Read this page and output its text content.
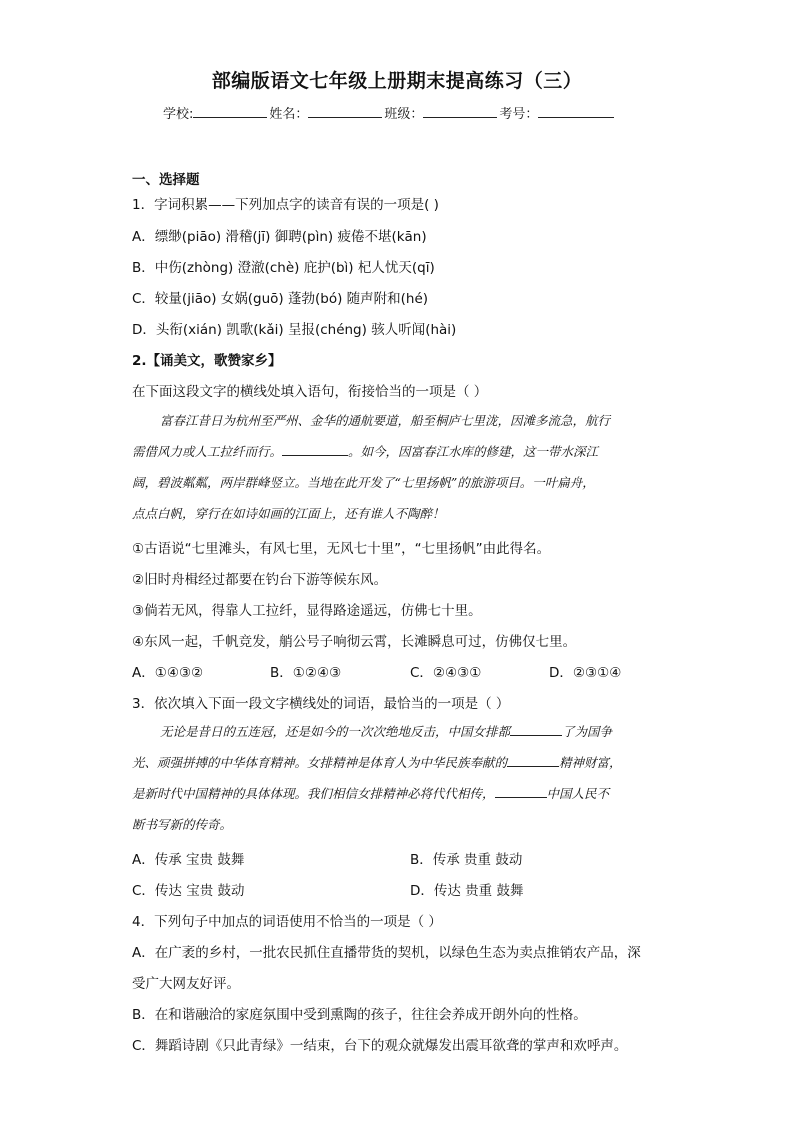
部编版语文七年级上册期末提高练习（三）
学校:	姓名：	班级：	考号：
一、选择题
1．字词积累——下列加点字的读音有误的一项是( )
A．缥缈(piāo) 滑稽(jī) 御聘(pìn) 疲倦不堪(kān)
B．中伤(zhòng) 澄澈(chè) 庇护(bì) 杞人忧天(qī)
C．较量(jiāo) 女娲(guō) 蓬勃(bó) 随声附和(hé)
D．头衔(xián) 凯歌(kǎi) 呈报(chéng) 骇人听闻(hài)
2.【诵美文，歌赞家乡】
在下面这段文字的横线处填入语句，衔接恰当的一项是（ ）
富春江昔日为杭州至严州、金华的通航要道，船至桐庐七里泷，因滩多流急，航行
需借风力或人工拉纤而行。	。如今，因富春江水库的修建，这一带水深江
阔，碧波粼粼，两岸群峰竖立。当地在此开发了“七里扬帆”的旅游项目。一叶扁舟，
点点白帆，穿行在如诗如画的江面上，还有谁人不陶醉！
①古语说“七里滩头，有风七里，无风七十里”，“七里扬帆”由此得名。
②旧时舟楫经过都要在钓台下游等候东风。
③倘若无风，得靠人工拉纤，显得路途遥远，仿佛七十里。
④东风一起，千帆竞发，艄公号子响彻云霄，长滩瞬息可过，仿佛仅七里。
A．①④③②	B．①②④③	C．②④③①	D．②③①④
3．依次填入下面一段文字横线处的词语，最恰当的一项是（ ）
无论是昔日的五连冠，还是如今的一次次绝地反击，中国女排都	了为国争
光、顽强拼搏的中华体育精神。女排精神是体育人为中华民族奉献的	精神财富，
是新时代中国精神的具体体现。我们相信女排精神必将代代相传，	中国人民不
断书写新的传奇。
A．传承 宝贵 鼓舞	B．传承 贵重 鼓动
C．传达 宝贵 鼓动	D．传达 贵重 鼓舞
4．下列句子中加点的词语使用不恰当的一项是（ ）
A．在广袤的乡村，一批农民抓住直播带货的契机，以绿色生态为卖点推销农产品，深
受广大网友好评。
B．在和谐融洽的家庭氛围中受到熏陶的孩子，往往会养成开朗外向的性格。
C．舞蹈诗剧《只此青绿》一结束，台下的观众就爆发出震耳欲聋的掌声和欢呼声。
